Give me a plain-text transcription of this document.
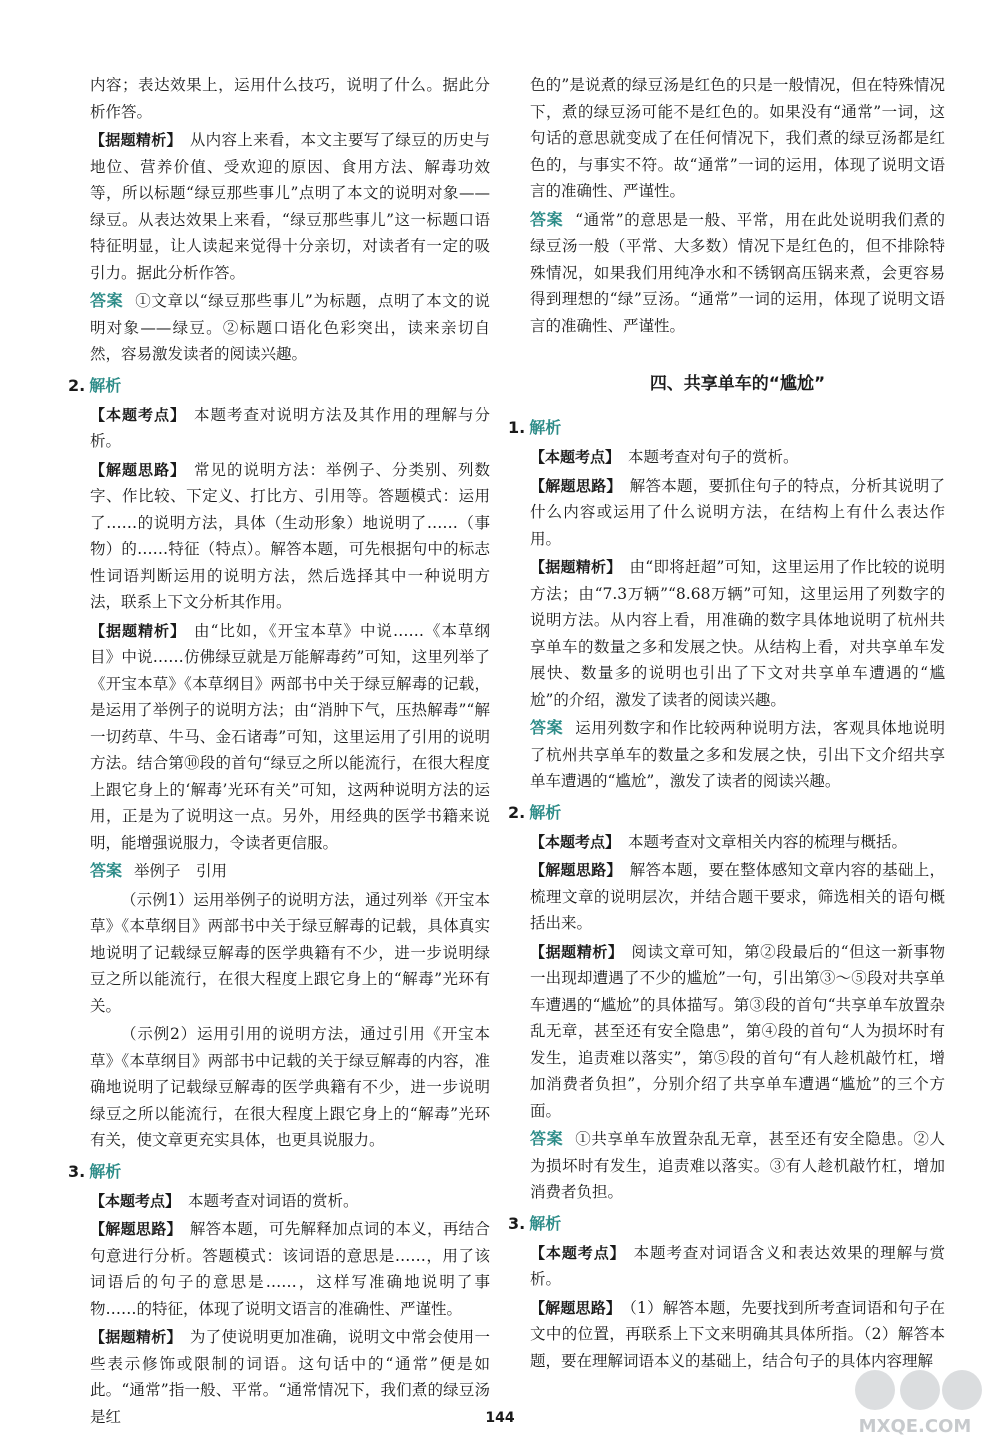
内容；表达效果上，运用什么技巧，说明了什么。据此分析作答。

【据题精析】 从内容上来看，本文主要写了绿豆的历史与地位、营养价值、受欢迎的原因、食用方法、解毒功效等，所以标题“绿豆那些事儿”点明了本文的说明对象——绿豆。从表达效果上来看，“绿豆那些事儿”这一标题口语特征明显，让人读起来觉得十分亲切，对读者有一定的吸引力。据此分析作答。

答案 ①文章以“绿豆那些事儿”为标题，点明了本文的说明对象——绿豆。②标题口语化色彩突出，读来亲切自然，容易激发读者的阅读兴趣。

2. 解析

【本题考点】 本题考查对说明方法及其作用的理解与分析。

【解题思路】 常见的说明方法：举例子、分类别、列数字、作比较、下定义、打比方、引用等。答题模式：运用了……的说明方法，具体（生动形象）地说明了……（事物）的……特征（特点）。解答本题，可先根据句中的标志性词语判断运用的说明方法，然后选择其中一种说明方法，联系上下文分析其作用。

【据题精析】 由“比如，《开宝本草》中说……《本草纲目》中说……仿佛绿豆就是万能解毒药”可知，这里列举了《开宝本草》《本草纲目》两部书中关于绿豆解毒的记载，是运用了举例子的说明方法；由“消肿下气，压热解毒”“解一切药草、牛马、金石诸毒”可知，这里运用了引用的说明方法。结合第⑩段的首句“绿豆之所以能流行，在很大程度上跟它身上的‘解毒’光环有关”可知，这两种说明方法的运用，正是为了说明这一点。另外，用经典的医学书籍来说明，能增强说服力，令读者更信服。

答案 举例子　引用

（示例1）运用举例子的说明方法，通过列举《开宝本草》《本草纲目》两部书中关于绿豆解毒的记载，具体真实地说明了记载绿豆解毒的医学典籍有不少，进一步说明绿豆之所以能流行，在很大程度上跟它身上的“解毒”光环有关。

（示例2）运用引用的说明方法，通过引用《开宝本草》《本草纲目》两部书中记载的关于绿豆解毒的内容，准确地说明了记载绿豆解毒的医学典籍有不少，进一步说明绿豆之所以能流行，在很大程度上跟它身上的“解毒”光环有关，使文章更充实具体，也更具说服力。

3. 解析

【本题考点】 本题考查对词语的赏析。

【解题思路】 解答本题，可先解释加点词的本义，再结合句意进行分析。答题模式：该词语的意思是……，用了该词语后的句子的意思是……，这样写准确地说明了事物……的特征，体现了说明文语言的准确性、严谨性。

【据题精析】 为了使说明更加准确，说明文中常会使用一些表示修饰或限制的词语。这句话中的“通常”便是如此。“通常”指一般、平常。“通常情况下，我们煮的绿豆汤是红

色的”是说煮的绿豆汤是红色的只是一般情况，但在特殊情况下，煮的绿豆汤可能不是红色的。如果没有“通常”一词，这句话的意思就变成了在任何情况下，我们煮的绿豆汤都是红色的，与事实不符。故“通常”一词的运用，体现了说明文语言的准确性、严谨性。

答案 “通常”的意思是一般、平常，用在此处说明我们煮的绿豆汤一般（平常、大多数）情况下是红色的，但不排除特殊情况，如果我们用纯净水和不锈钢高压锅来煮，会更容易得到理想的“绿”豆汤。“通常”一词的运用，体现了说明文语言的准确性、严谨性。

四、共享单车的“尴尬”
1. 解析

【本题考点】 本题考查对句子的赏析。

【解题思路】 解答本题，要抓住句子的特点，分析其说明了什么内容或运用了什么说明方法，在结构上有什么表达作用。

【据题精析】 由“即将赶超”可知，这里运用了作比较的说明方法；由“7.3万辆”“8.68万辆”可知，这里运用了列数字的说明方法。从内容上看，用准确的数字具体地说明了杭州共享单车的数量之多和发展之快。从结构上看，对共享单车发展快、数量多的说明也引出了下文对共享单车遭遇的“尴尬”的介绍，激发了读者的阅读兴趣。

答案 运用列数字和作比较两种说明方法，客观具体地说明了杭州共享单车的数量之多和发展之快，引出下文介绍共享单车遭遇的“尴尬”，激发了读者的阅读兴趣。

2. 解析

【本题考点】 本题考查对文章相关内容的梳理与概括。

【解题思路】 解答本题，要在整体感知文章内容的基础上，梳理文章的说明层次，并结合题干要求，筛选相关的语句概括出来。

【据题精析】 阅读文章可知，第②段最后的“但这一新事物一出现却遭遇了不少的尴尬”一句，引出第③～⑤段对共享单车遭遇的“尴尬”的具体描写。第③段的首句“共享单车放置杂乱无章，甚至还有安全隐患”，第④段的首句“人为损坏时有发生，追责难以落实”，第⑤段的首句“有人趁机敲竹杠，增加消费者负担”，分别介绍了共享单车遭遇“尴尬”的三个方面。

答案 ①共享单车放置杂乱无章，甚至还有安全隐患。②人为损坏时有发生，追责难以落实。③有人趁机敲竹杠，增加消费者负担。

3. 解析

【本题考点】 本题考查对词语含义和表达效果的理解与赏析。

【解题思路】 （1）解答本题，先要找到所考查词语和句子在文中的位置，再联系上下文来明确其具体所指。（2）解答本题，要在理解词语本义的基础上，结合句子的具体内容理解

144	MXQE.COM
